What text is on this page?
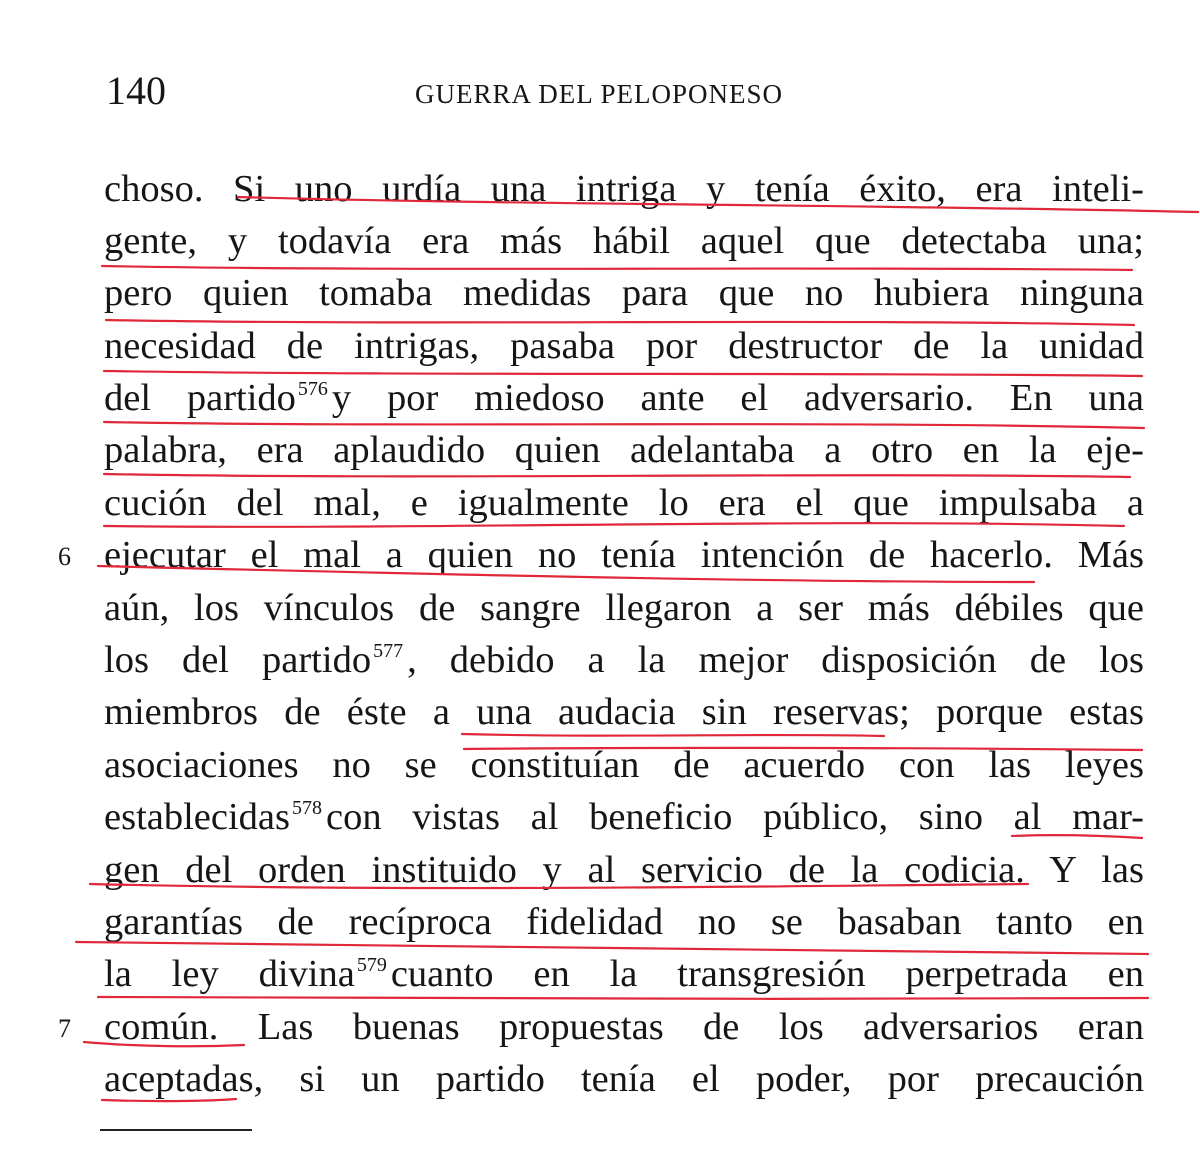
140	GUERRA DEL PELOPONESO
choso. Si uno urdía una intriga y tenía éxito, era inteli-
gente, y todavía era más hábil aquel que detectaba una;
pero quien tomaba medidas para que no hubiera ninguna
necesidad de intrigas, pasaba por destructor de la unidad
del partido $^{576}$ y por miedoso ante el adversario. En una
palabra, era aplaudido quien adelantaba a otro en la eje-
cución del mal, e igualmente lo era el que impulsaba a
ejecutar el mal a quien no tenía intención de hacerlo. Más
aún, los vínculos de sangre llegaron a ser más débiles que
los del partido $^{577}$ , debido a la mejor disposición de los
miembros de éste a una audacia sin reservas; porque estas
asociaciones no se constituían de acuerdo con las leyes
establecidas $^{578}$ con vistas al beneficio público, sino al mar-
gen del orden instituido y al servicio de la codicia. Y las
garantías de recíproca fidelidad no se basaban tanto en
la ley divina $^{579}$ cuanto en la transgresión perpetrada en
común. Las buenas propuestas de los adversarios eran
aceptadas, si un partido tenía el poder, por precaución
6
7
